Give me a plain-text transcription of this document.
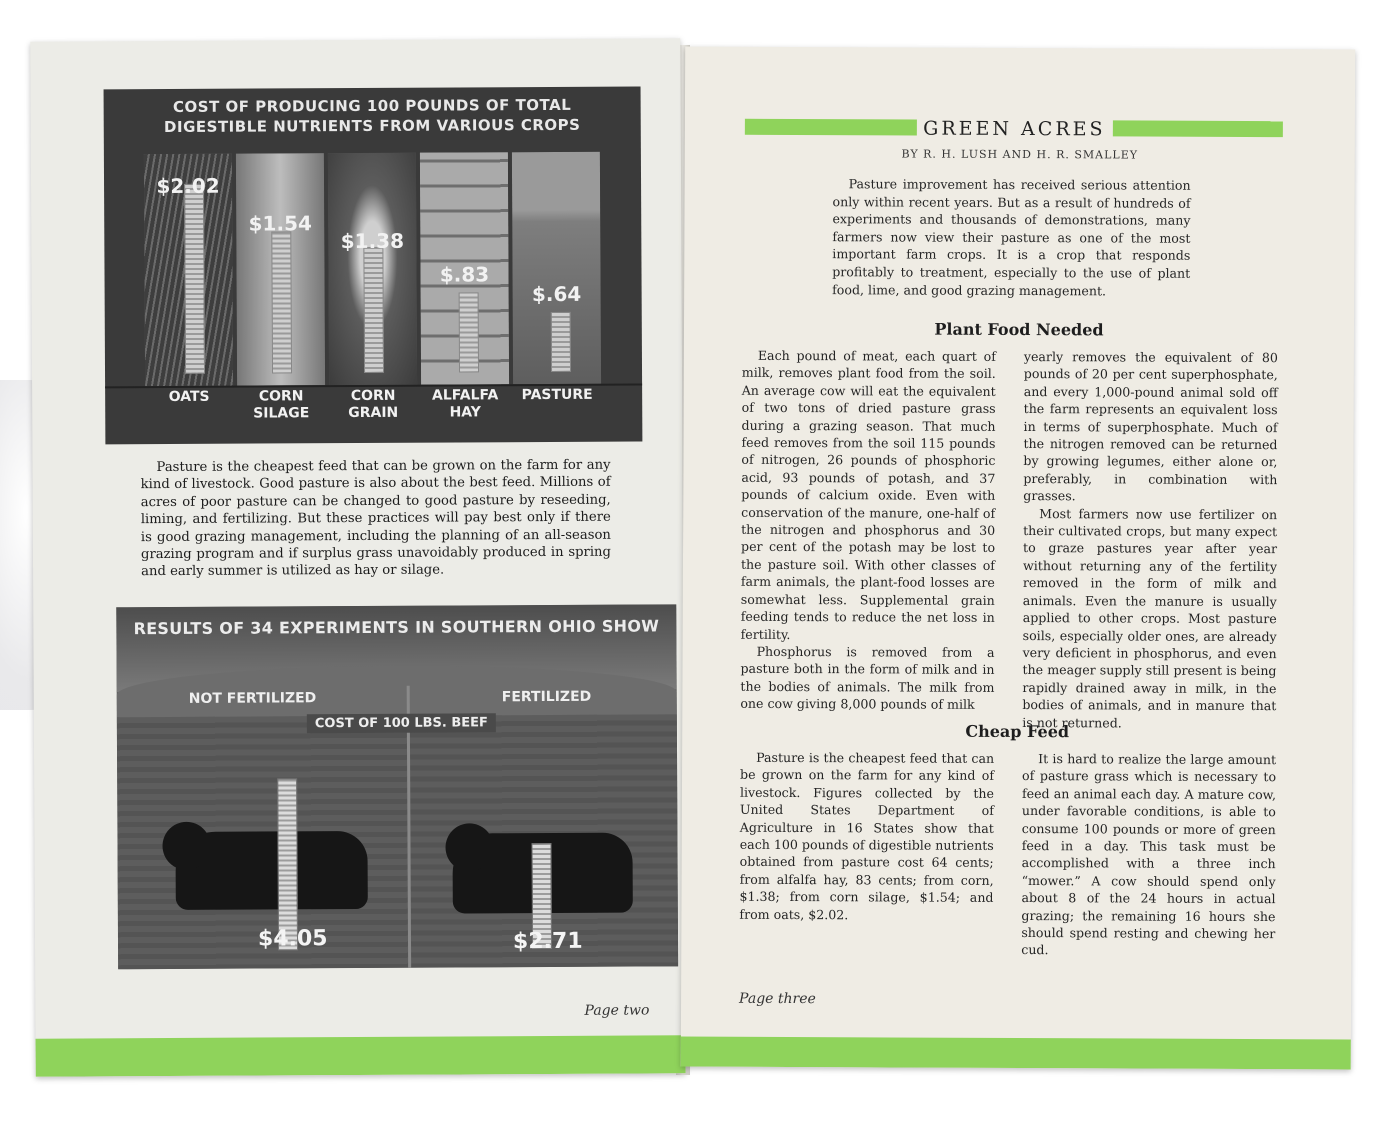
COST OF PRODUCING 100 POUNDS OF TOTAL
DIGESTIBLE NUTRIENTS FROM VARIOUS CROPS
$2.02
$1.54
$1.38
$.83
$.64
OATS	CORN
SILAGE
CORN
GRAIN
ALFALFA
HAY
PASTURE

Pasture is the cheapest feed that can be grown on the farm for any kind of livestock. Good pasture is also about the best feed. Millions of acres of poor pasture can be changed to good pasture by reseeding, liming, and fertilizing. But these practices will pay best only if there is good grazing management, including the planning of an all-season grazing program and if surplus grass unavoidably produced in spring and early summer is utilized as hay or silage.

RESULTS OF 34 EXPERIMENTS IN SOUTHERN OHIO SHOW
NOT FERTILIZED	FERTILIZED
COST OF 100 LBS. BEEF
$4.05	$2.71
Page two
GREEN ACRES
BY R. H. LUSH AND H. R. SMALLEY

Pasture improvement has received serious attention only within recent years. But as a result of hundreds of experiments and thousands of demonstrations, many farmers now view their pasture as one of the most important farm crops. It is a crop that responds profitably to treatment, especially to the use of plant food, lime, and good grazing management.

Plant Food Needed

Each pound of meat, each quart of milk, removes plant food from the soil. An average cow will eat the equivalent of two tons of dried pasture grass during a grazing season. That much feed removes from the soil 115 pounds of nitrogen, 26 pounds of phosphoric acid, 93 pounds of potash, and 37 pounds of calcium oxide. Even with conservation of the manure, one-half of the nitrogen and phosphorus and 30 per cent of the potash may be lost to the pasture soil. With other classes of farm animals, the plant-food losses are somewhat less. Supplemental grain feeding tends to reduce the net loss in fertility.

Phosphorus is removed from a pasture both in the form of milk and in the bodies of animals. The milk from one cow giving 8,000 pounds of milk

yearly removes the equivalent of 80 pounds of 20 per cent superphosphate, and every 1,000-pound animal sold off the farm represents an equivalent loss in terms of superphosphate. Much of the nitrogen removed can be returned by growing legumes, either alone or, preferably, in combination with grasses.

Most farmers now use fertilizer on their cultivated crops, but many expect to graze pastures year after year without returning any of the fertility removed in the form of milk and animals. Even the manure is usually applied to other crops. Most pasture soils, especially older ones, are already very deficient in phosphorus, and even the meager supply still present is being rapidly drained away in milk, in the bodies of animals, and in manure that is not returned.

Cheap Feed

Pasture is the cheapest feed that can be grown on the farm for any kind of livestock. Figures collected by the United States Department of Agriculture in 16 States show that each 100 pounds of digestible nutrients obtained from pasture cost 64 cents; from alfalfa hay, 83 cents; from corn, $1.38; from corn silage, $1.54; and from oats, $2.02.

It is hard to realize the large amount of pasture grass which is necessary to feed an animal each day. A mature cow, under favorable conditions, is able to consume 100 pounds or more of green feed in a day. This task must be accomplished with a three inch “mower.” A cow should spend only about 8 of the 24 hours in actual grazing; the remaining 16 hours she should spend resting and chewing her cud.

Page three
